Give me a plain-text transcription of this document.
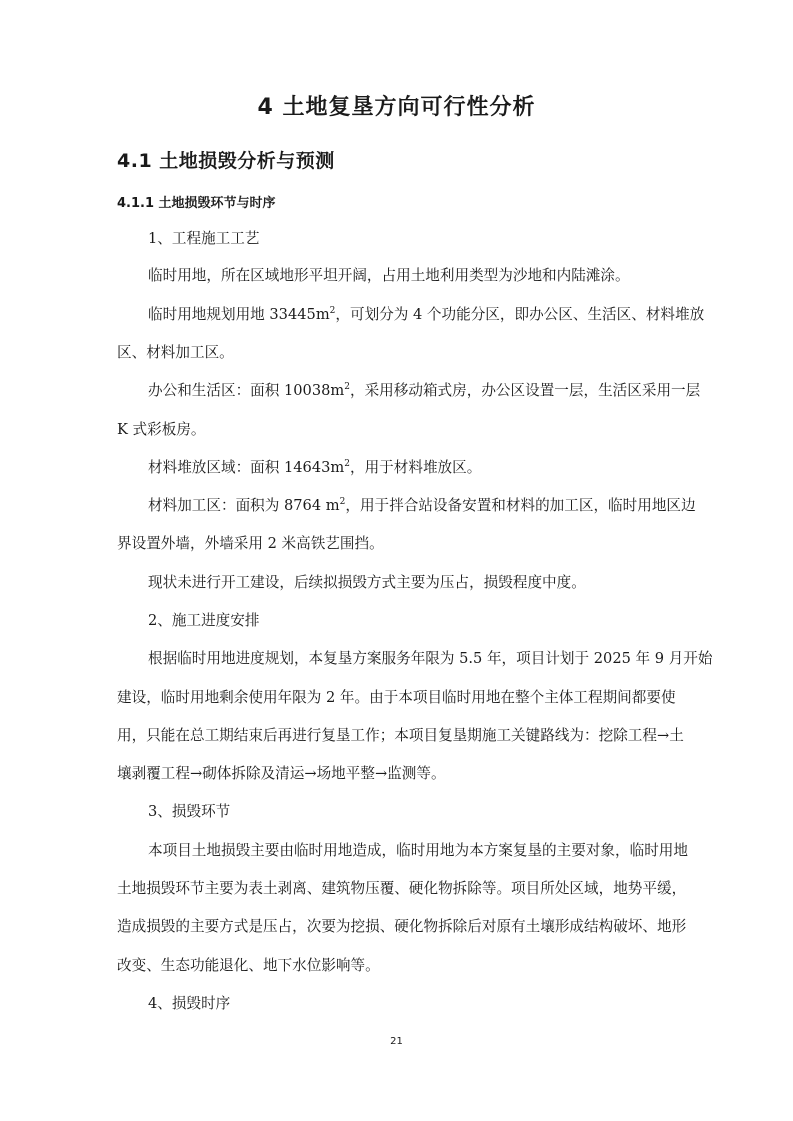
4 土地复垦方向可行性分析
4.1 土地损毁分析与预测
4.1.1 土地损毁环节与时序
1、工程施工工艺
临时用地，所在区域地形平坦开阔，占用土地利用类型为沙地和内陆滩涂。
临时用地规划用地 $33445m^2$，可划分为 4 个功能分区，即办公区、生活区、材料堆放
区、材料加工区。
办公和生活区：面积 $10038m^2$，采用移动箱式房，办公区设置一层，生活区采用一层
K 式彩板房。
材料堆放区域：面积 $14643m^2$，用于材料堆放区。
材料加工区：面积为 8764 $m^2$，用于拌合站设备安置和材料的加工区，临时用地区边
界设置外墙，外墙采用 2 米高铁艺围挡。
现状未进行开工建设，后续拟损毁方式主要为压占，损毁程度中度。
2、施工进度安排
根据临时用地进度规划，本复垦方案服务年限为 5.5 年，项目计划于 2025 年 9 月开始
建设，临时用地剩余使用年限为 2 年。由于本项目临时用地在整个主体工程期间都要使
用，只能在总工期结束后再进行复垦工作；本项目复垦期施工关键路线为：挖除工程→土
壤剥覆工程→砌体拆除及清运→场地平整→监测等。
3、损毁环节
本项目土地损毁主要由临时用地造成，临时用地为本方案复垦的主要对象，临时用地
土地损毁环节主要为表土剥离、建筑物压覆、硬化物拆除等。项目所处区域，地势平缓，
造成损毁的主要方式是压占，次要为挖损、硬化物拆除后对原有土壤形成结构破坏、地形
改变、生态功能退化、地下水位影响等。
4、损毁时序
21
